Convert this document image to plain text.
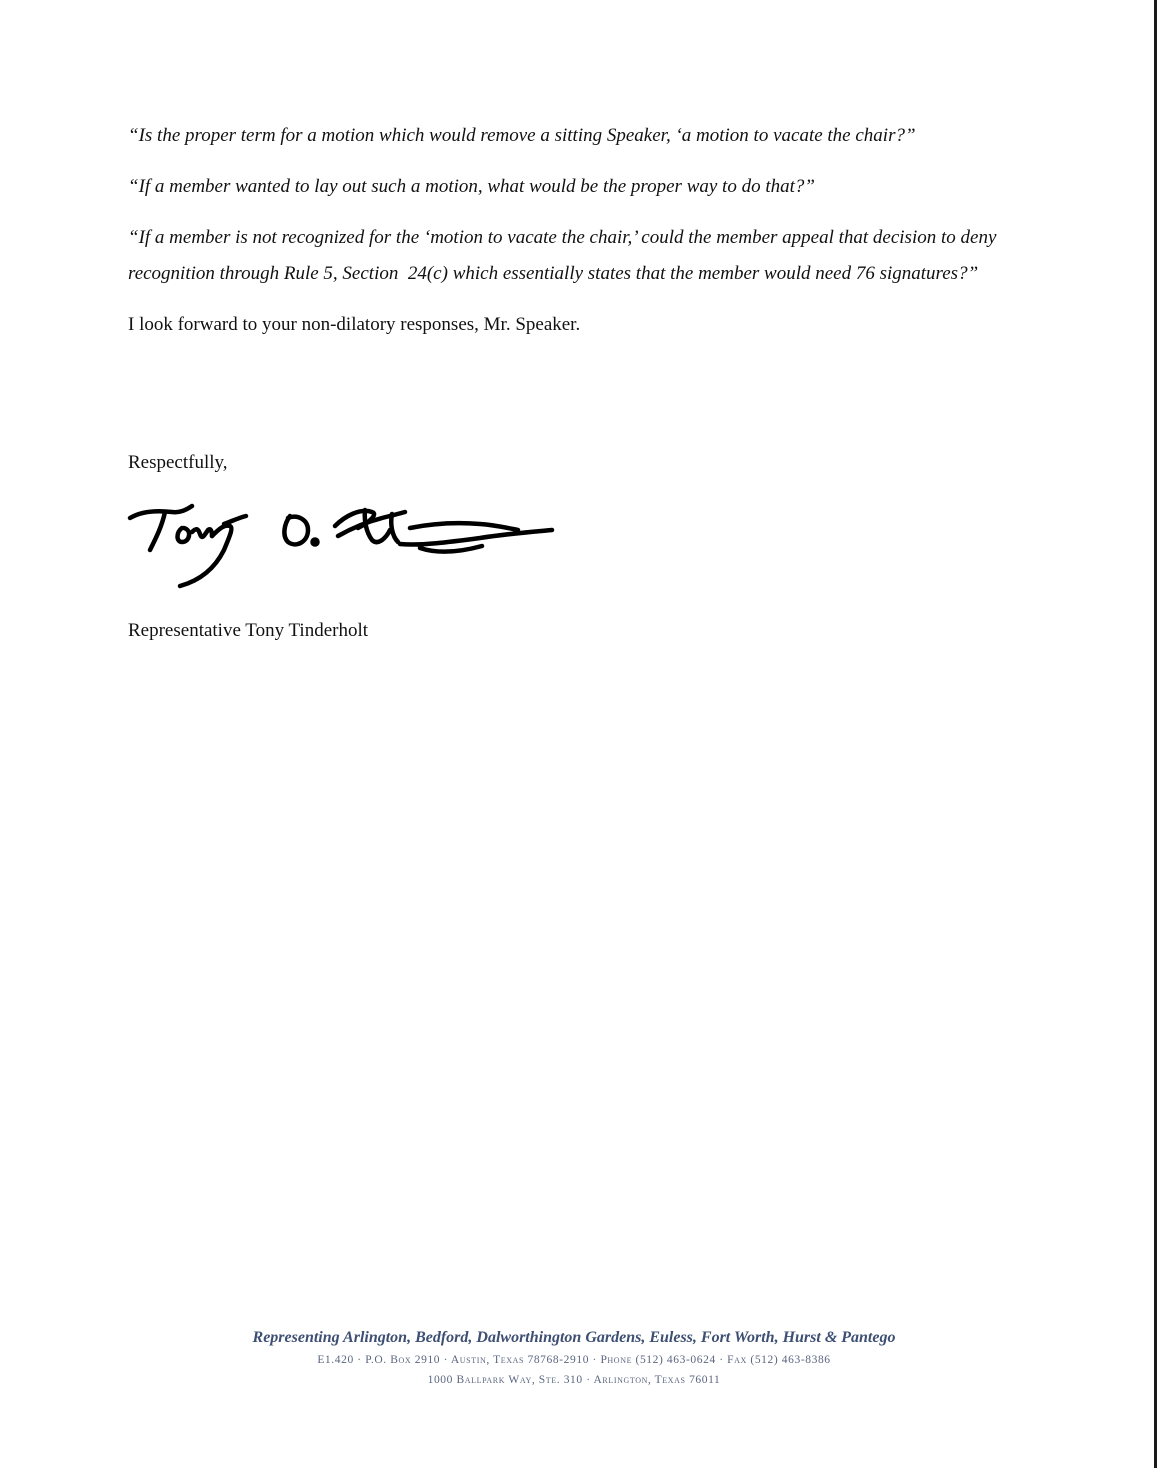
“Is the proper term for a motion which would remove a sitting Speaker, ‘a motion to vacate the chair?”

“If a member wanted to lay out such a motion, what would be the proper way to do that?”

“If a member is not recognized for the ‘motion to vacate the chair,’ could the member appeal that decision to deny recognition through Rule 5, Section  24(c) which essentially states that the member would need 76 signatures?”

I look forward to your non-dilatory responses, Mr. Speaker.

Respectfully,

Representative Tony Tinderholt

Representing Arlington, Bedford, Dalworthington Gardens, Euless, Fort Worth, Hurst & Pantego
E1.420 · P.O. Box 2910 · Austin, Texas 78768-2910 · Phone (512) 463-0624 · Fax (512) 463-8386
1000 Ballpark Way, Ste. 310 · Arlington, Texas 76011
